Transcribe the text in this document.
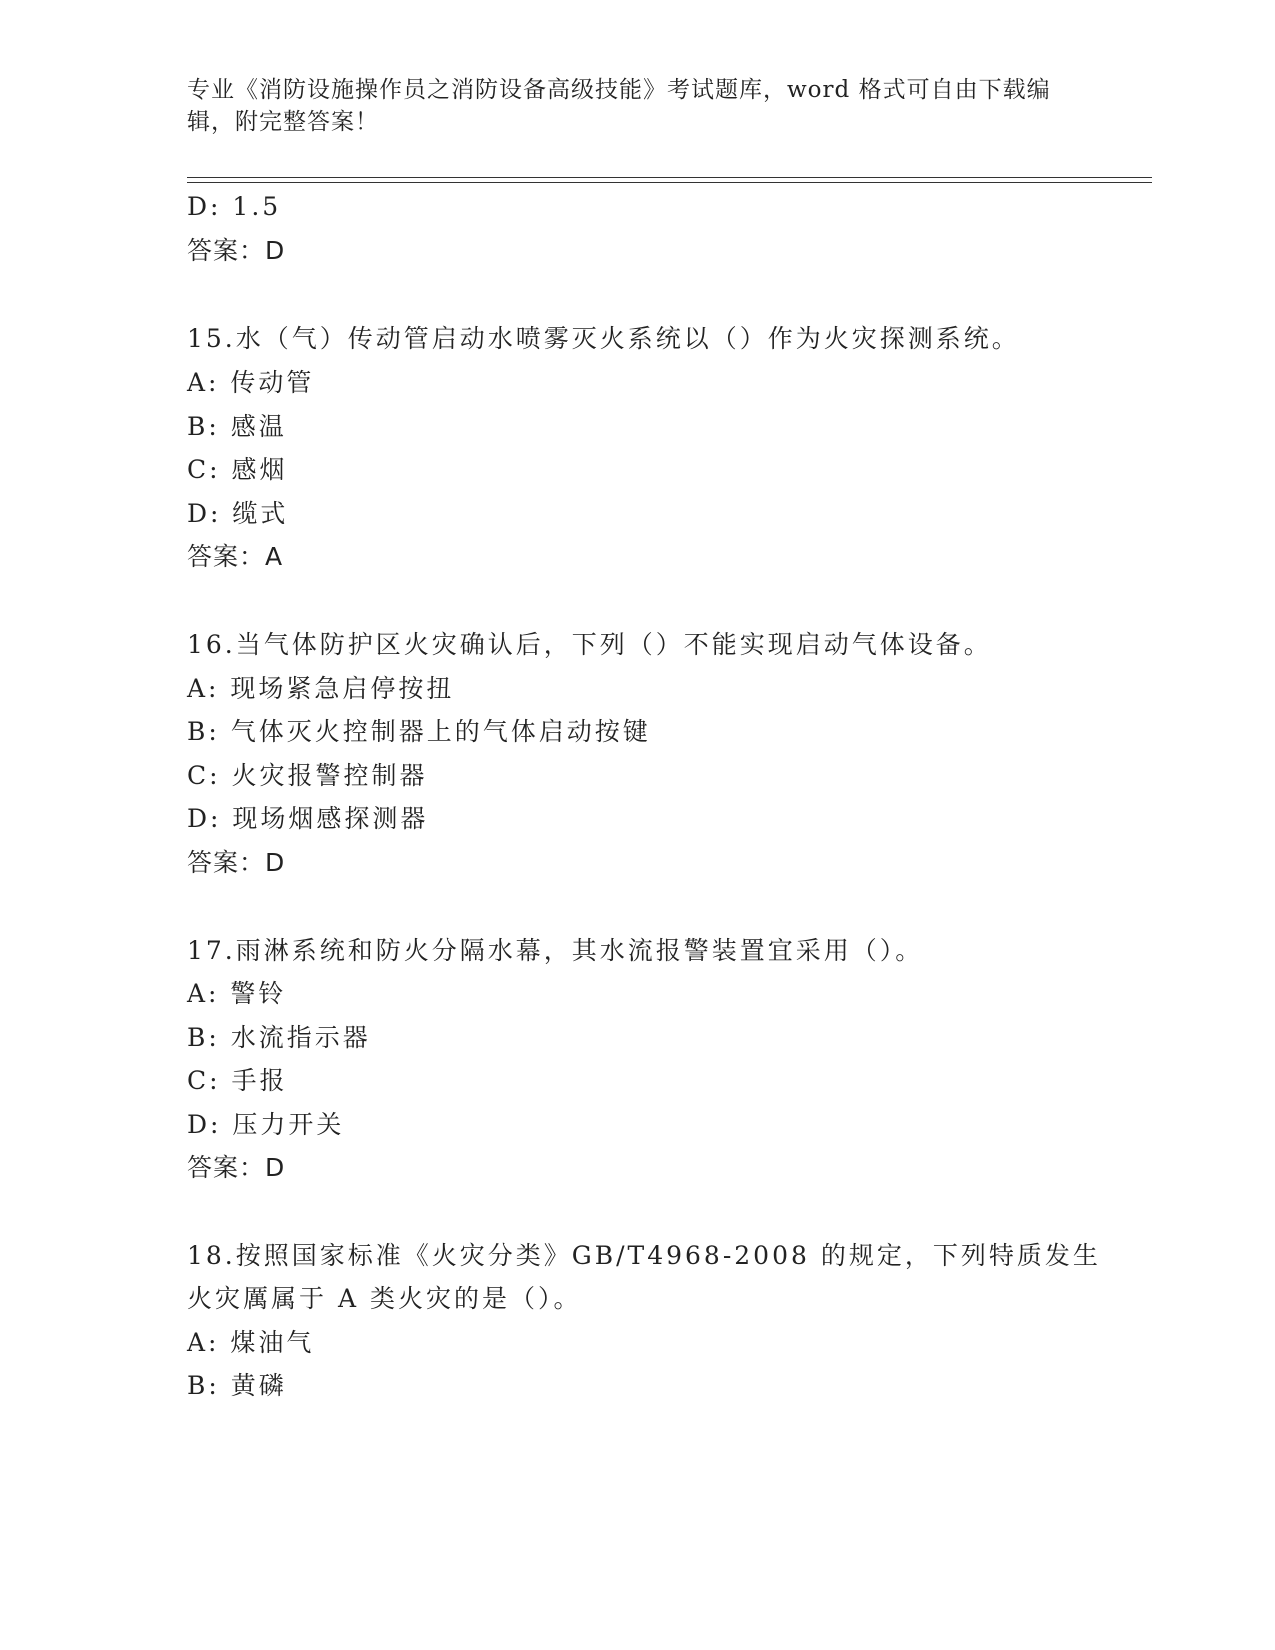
专业《消防设施操作员之消防设备高级技能》考试题库，word 格式可自由下载编
辑，附完整答案！
D: 1.5
答案：D
15.水（气）传动管启动水喷雾灭火系统以（）作为火灾探测系统。
A: 传动管
B: 感温
C: 感烟
D: 缆式
答案：A
16.当气体防护区火灾确认后，下列（）不能实现启动气体设备。
A: 现场紧急启停按扭
B: 气体灭火控制器上的气体启动按键
C: 火灾报警控制器
D: 现场烟感探测器
答案：D
17.雨淋系统和防火分隔水幕，其水流报警装置宜采用（）。
A: 警铃
B: 水流指示器
C: 手报
D: 压力开关
答案：D
18.按照国家标准《火灾分类》GB/T4968-2008 的规定，下列特质发生
火灾厲属于 A 类火灾的是（）。
A: 煤油气
B: 黄磷
